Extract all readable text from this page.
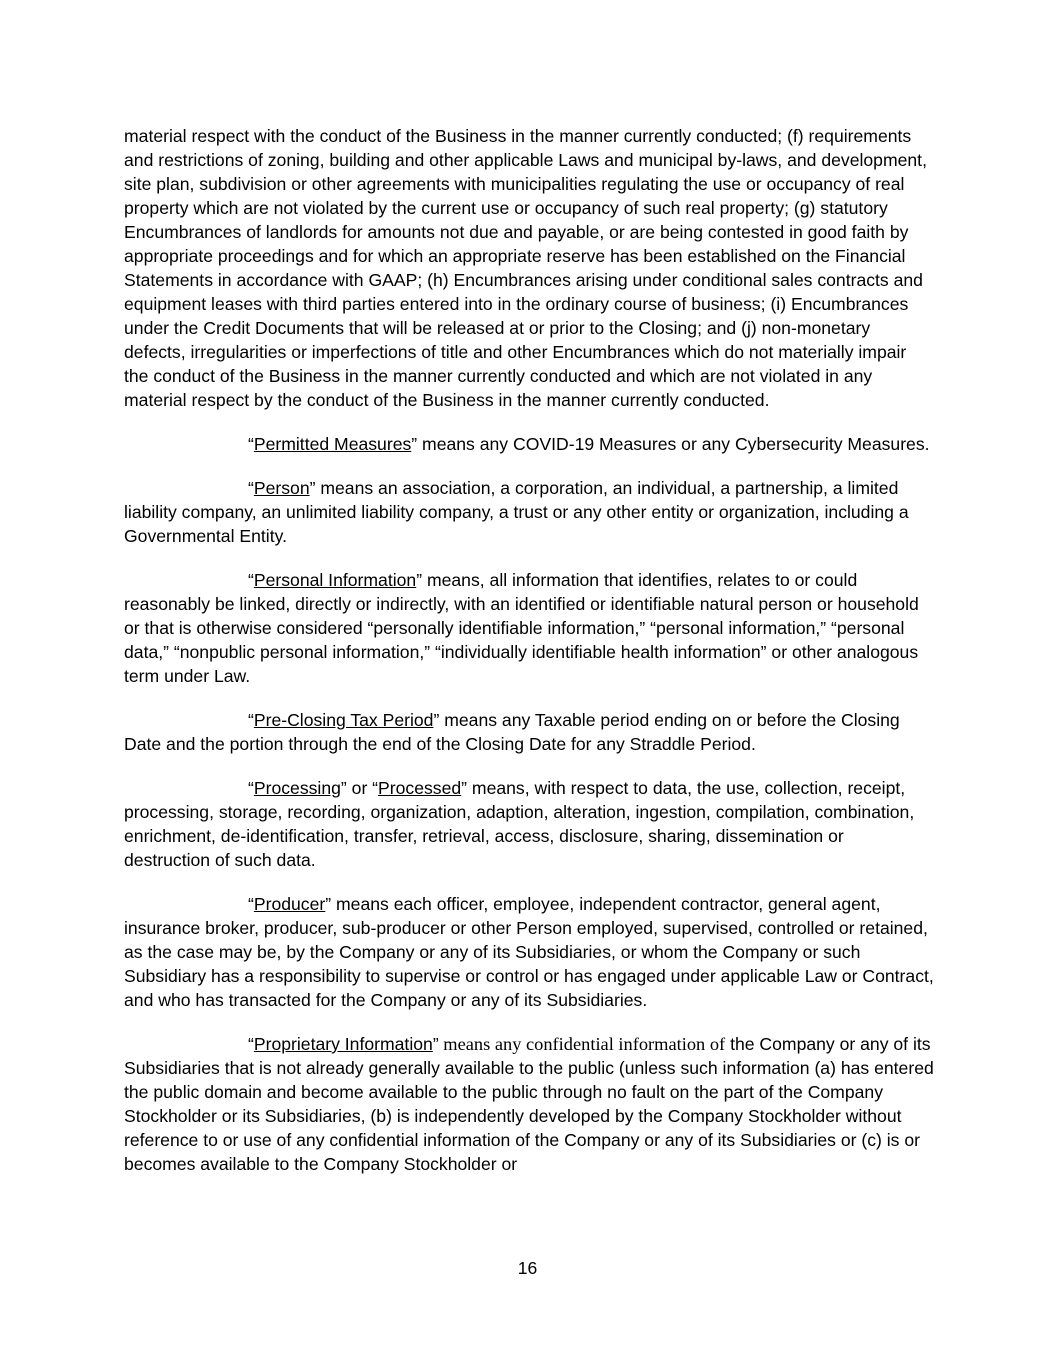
material respect with the conduct of the Business in the manner currently conducted; (f) requirements and restrictions of zoning, building and other applicable Laws and municipal by-laws, and development, site plan, subdivision or other agreements with municipalities regulating the use or occupancy of real property which are not violated by the current use or occupancy of such real property; (g) statutory Encumbrances of landlords for amounts not due and payable, or are being contested in good faith by appropriate proceedings and for which an appropriate reserve has been established on the Financial Statements in accordance with GAAP; (h) Encumbrances arising under conditional sales contracts and equipment leases with third parties entered into in the ordinary course of business; (i) Encumbrances under the Credit Documents that will be released at or prior to the Closing; and (j) non-monetary defects, irregularities or imperfections of title and other Encumbrances which do not materially impair the conduct of the Business in the manner currently conducted and which are not violated in any material respect by the conduct of the Business in the manner currently conducted.

“Permitted Measures” means any COVID-19 Measures or any Cybersecurity Measures.

“Person” means an association, a corporation, an individual, a partnership, a limited liability company, an unlimited liability company, a trust or any other entity or organization, including a Governmental Entity.

“Personal Information” means, all information that identifies, relates to or could reasonably be linked, directly or indirectly, with an identified or identifiable natural person or household or that is otherwise considered “personally identifiable information,” “personal information,” “personal data,” “nonpublic personal information,” “individually identifiable health information” or other analogous term under Law.

“Pre-Closing Tax Period” means any Taxable period ending on or before the Closing Date and the portion through the end of the Closing Date for any Straddle Period.

“Processing” or “Processed” means, with respect to data, the use, collection, receipt, processing, storage, recording, organization, adaption, alteration, ingestion, compilation, combination, enrichment, de-identification, transfer, retrieval, access, disclosure, sharing, dissemination or destruction of such data.

“Producer” means each officer, employee, independent contractor, general agent, insurance broker, producer, sub-producer or other Person employed, supervised, controlled or retained, as the case may be, by the Company or any of its Subsidiaries, or whom the Company or such Subsidiary has a responsibility to supervise or control or has engaged under applicable Law or Contract, and who has transacted for the Company or any of its Subsidiaries.

“Proprietary Information” means any confidential information of the Company or any of its Subsidiaries that is not already generally available to the public (unless such information (a) has entered the public domain and become available to the public through no fault on the part of the Company Stockholder or its Subsidiaries, (b) is independently developed by the Company Stockholder without reference to or use of any confidential information of the Company or any of its Subsidiaries or (c) is or becomes available to the Company Stockholder or

16
